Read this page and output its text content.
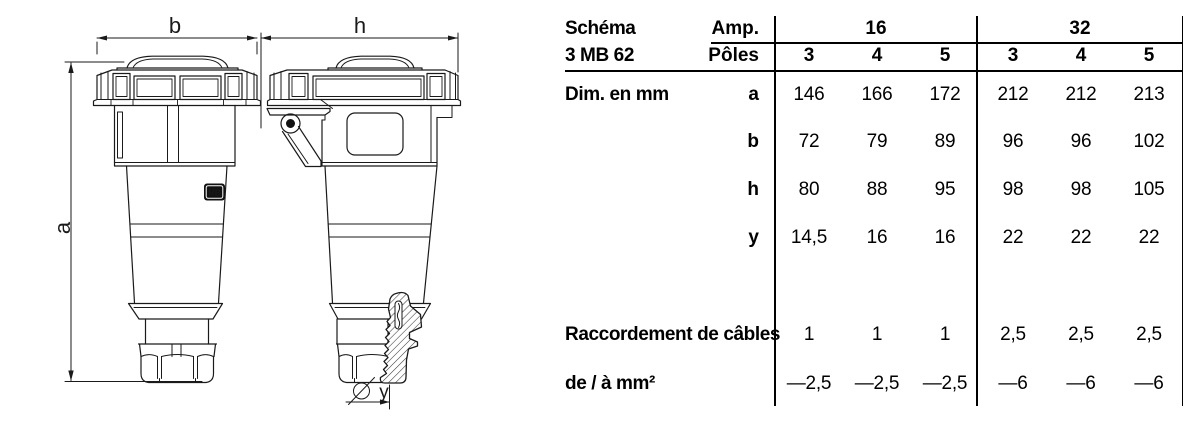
MB
b	h
a
y
Schéma	Amp.	16	32
3 MB 62	Pôles	3	4	5	3	4	5
Dim. en mm	a	146	166	172	212	212	213
b	72	79	89	96	96	102
h	80	88	95	98	98	105
y	14,5	16	16	22	22	22
Raccordement de câbles	1	1	1	2,5	2,5	2,5
de / à mm²	—2,5	—2,5	—2,5	—6	—6	—6
